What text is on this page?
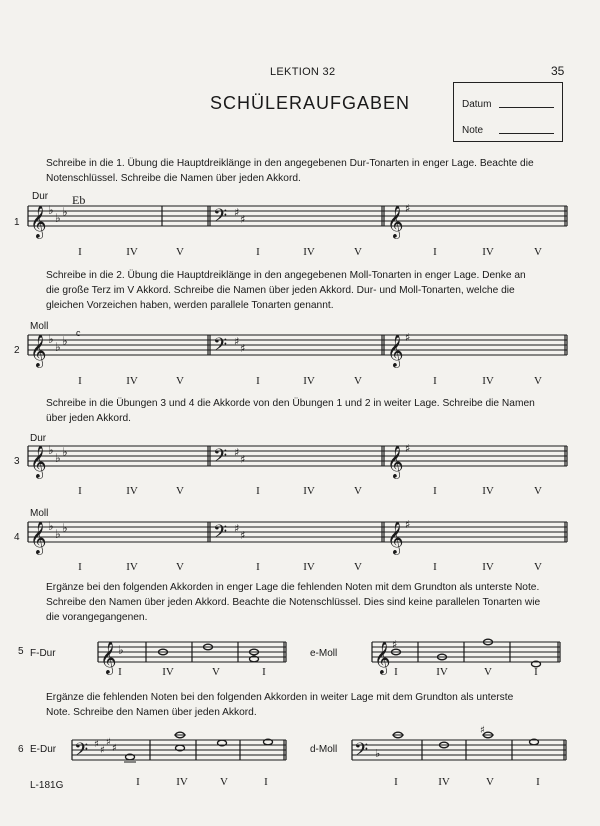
LEKTION 32	35
SCHÜLERAUFGABEN	Datum
Note
Schreibe in die 1. Übung die Hauptdreiklänge in den angegebenen Dur-Tonarten in enger Lage. Beachte die Notenschlüssel. Schreibe die Namen über jeden Akkord.
Schreibe in die 2. Übung die Hauptdreiklänge in den angegebenen Moll-Tonarten in enger Lage. Denke an die große Terz im V Akkord. Schreibe die Namen über jeden Akkord. Dur- und Moll-Tonarten, welche die gleichen Vorzeichen haben, werden parallele Tonarten genannt.
Schreibe in die Übungen 3 und 4 die Akkorde von den Übungen 1 und 2 in weiter Lage. Schreibe die Namen über jeden Akkord.
Ergänze bei den folgenden Akkorden in enger Lage die fehlenden Noten mit dem Grundton als unterste Note. Schreibe den Namen über jeden Akkord. Beachte die Notenschlüssel. Dies sind keine parallelen Tonarten wie die vorangegangenen.
Ergänze die fehlenden Noten bei den folgenden Akkorden in weiter Lage mit dem Grundton als unterste Note. Schreibe den Namen über jeden Akkord.
Dur Eb
1
Moll
c
2
Dur
3
Moll
4
5 F-Dur	e-Moll
6 E-Dur	d-Moll
L-181G
𝄞 ♭
♭ ♭	𝄢 ♯
♯	𝄞 ♯
𝄞 ♭
♭ ♭	𝄢 ♯
♯	𝄞 ♯
𝄞 ♭
♭ ♭	𝄢 ♯
♯	𝄞 ♯
𝄞 ♭
♭ ♭	𝄢 ♯
♯	𝄞 ♯
𝄞 ♭	𝄞 ♯
𝄢 ♯
♯
♯
♯	𝄢 ♭
♯
I	IV	V	I	IV	V	I	IV	V
I	IV	V	I	IV	V	I	IV	V
I	IV	V	I	IV	V	I	IV	V
I	IV	V	I	IV	V	I	IV	V
I	IV	V	I	I	IV	V	I
I	IV	V	I	I	IV	V	I
